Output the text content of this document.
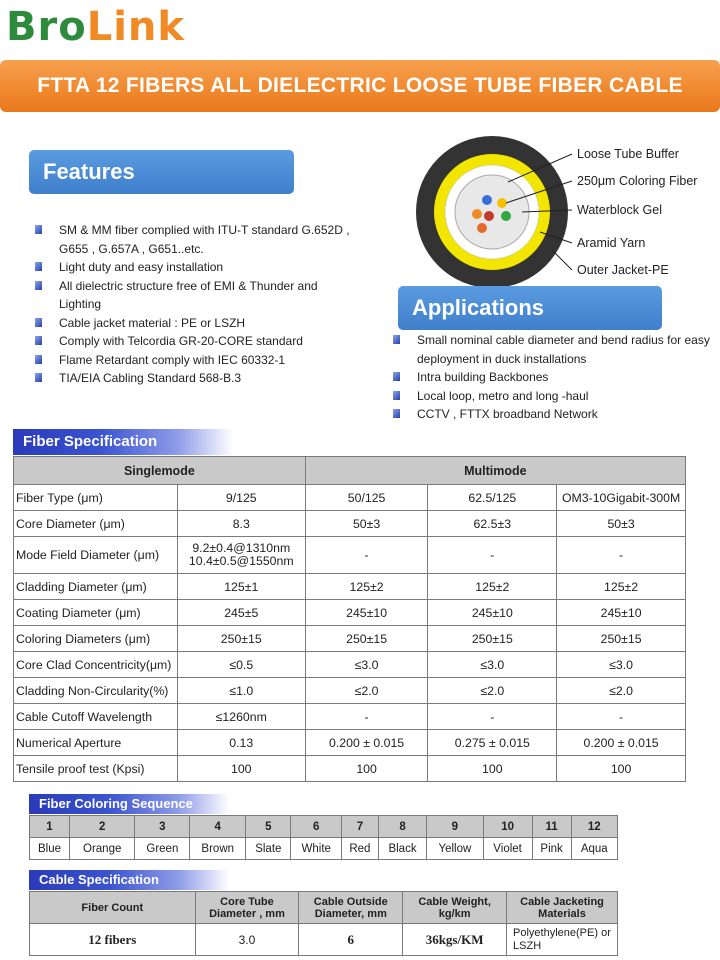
BroLink
FTTA 12 FIBERS ALL DIELECTRIC LOOSE TUBE FIBER CABLE
Features
SM & MM fiber complied with ITU-T standard G.652D , G655 , G.657A , G651..etc.
Light duty and easy installation
All dielectric structure free of EMI & Thunder and Lighting
Cable jacket material : PE or LSZH
Comply with Telcordia GR-20-CORE standard
Flame Retardant comply with IEC 60332-1
TIA/EIA Cabling Standard 568-B.3
Loose Tube Buffer
250μm Coloring Fiber
Waterblock Gel
Aramid Yarn
Outer Jacket-PE
Applications
Small nominal cable diameter and bend radius for easy deployment in duck installations
Intra building Backbones
Local loop, metro and long -haul
CCTV , FTTX broadband Network
Fiber Specification
Singlemode		Multimode		
Fiber Type (μm)	9/125	50/125	62.5/125	OM3-10Gigabit-300M
Core Diameter (μm)	8.3	50±3	62.5±3	50±3
Mode Field Diameter (μm)	9.2±0.4@1310nm
10.4±0.5@1550nm	-	-	-
Cladding Diameter (μm)	125±1	125±2	125±2	125±2
Coating Diameter (μm)	245±5	245±10	245±10	245±10
Coloring Diameters (μm)	250±15	250±15	250±15	250±15
Core Clad Concentricity(μm)	≤0.5	≤3.0	≤3.0	≤3.0
Cladding Non-Circularity(%)	≤1.0	≤2.0	≤2.0	≤2.0
Cable Cutoff Wavelength	≤1260nm	-	-	-
Numerical Aperture	0.13	0.200 ± 0.015	0.275 ± 0.015	0.200 ± 0.015
Tensile proof test (Kpsi)	100	100	100	100
Fiber Coloring Sequence
1	2	3	4	5	6	7	8	9	10	11	12
Blue	Orange	Green	Brown	Slate	White	Red	Black	Yellow	Violet	Pink	Aqua
Cable Specification
Fiber Count	Core Tube Diameter , mm	Cable Outside Diameter, mm	Cable Weight, kg/km	Cable Jacketing Materials
12 fibers	3.0	6	36kgs/KM	Polyethylene(PE) or LSZH
